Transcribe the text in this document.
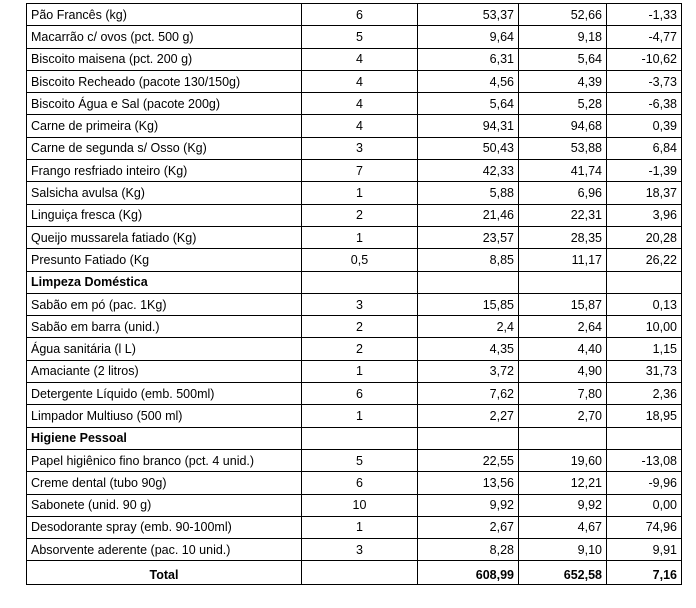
Pão Francês (kg)	6	53,37	52,66	-1,33
Macarrão c/ ovos (pct. 500 g)	5	9,64	9,18	-4,77
Biscoito maisena (pct. 200 g)	4	6,31	5,64	-10,62
Biscoito Recheado (pacote 130/150g)	4	4,56	4,39	-3,73
Biscoito Água e Sal (pacote 200g)	4	5,64	5,28	-6,38
Carne de primeira (Kg)	4	94,31	94,68	0,39
Carne de segunda s/ Osso (Kg)	3	50,43	53,88	6,84
Frango resfriado inteiro (Kg)	7	42,33	41,74	-1,39
Salsicha avulsa (Kg)	1	5,88	6,96	18,37
Linguiça fresca (Kg)	2	21,46	22,31	3,96
Queijo mussarela fatiado (Kg)	1	23,57	28,35	20,28
Presunto Fatiado (Kg	0,5	8,85	11,17	26,22
Limpeza Doméstica				
Sabão em pó (pac. 1Kg)	3	15,85	15,87	0,13
Sabão em barra (unid.)	2	2,4	2,64	10,00
Água sanitária (l L)	2	4,35	4,40	1,15
Amaciante (2 litros)	1	3,72	4,90	31,73
Detergente Líquido (emb. 500ml)	6	7,62	7,80	2,36
Limpador Multiuso (500 ml)	1	2,27	2,70	18,95
Higiene Pessoal				
Papel higiênico fino branco (pct. 4 unid.)	5	22,55	19,60	-13,08
Creme dental (tubo 90g)	6	13,56	12,21	-9,96
Sabonete (unid. 90 g)	10	9,92	9,92	0,00
Desodorante spray (emb. 90-100ml)	1	2,67	4,67	74,96
Absorvente aderente (pac. 10 unid.)	3	8,28	9,10	9,91
Total		608,99	652,58	7,16
